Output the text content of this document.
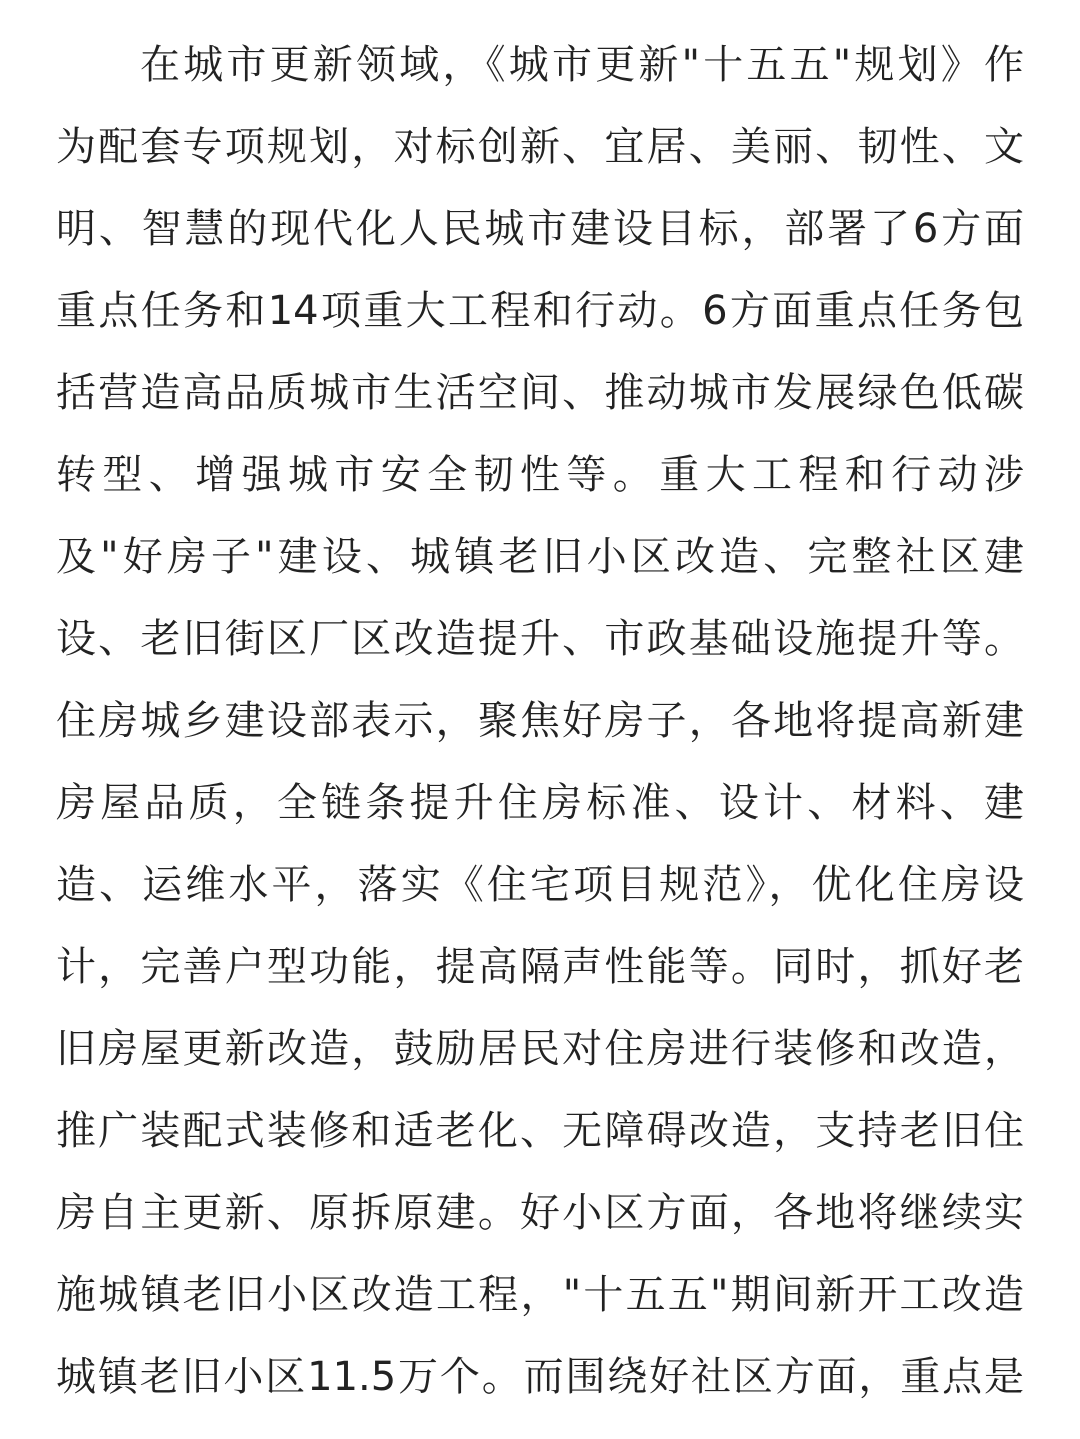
在城市更新领域，《城市更新"十五五"规划》作
为配套专项规划，对标创新、宜居、美丽、韧性、文
明、智慧的现代化人民城市建设目标，部署了6方面
重点任务和14项重大工程和行动。6方面重点任务包
括营造高品质城市生活空间、推动城市发展绿色低碳
转型、增强城市安全韧性等。重大工程和行动涉
及"好房子"建设、城镇老旧小区改造、完整社区建
设、老旧街区厂区改造提升、市政基础设施提升等。
住房城乡建设部表示，聚焦好房子，各地将提高新建
房屋品质，全链条提升住房标准、设计、材料、建
造、运维水平，落实《住宅项目规范》，优化住房设
计，完善户型功能，提高隔声性能等。同时，抓好老
旧房屋更新改造，鼓励居民对住房进行装修和改造，
推广装配式装修和适老化、无障碍改造，支持老旧住
房自主更新、原拆原建。好小区方面，各地将继续实
施城镇老旧小区改造工程，"十五五"期间新开工改造
城镇老旧小区11.5万个。而围绕好社区方面，重点是
